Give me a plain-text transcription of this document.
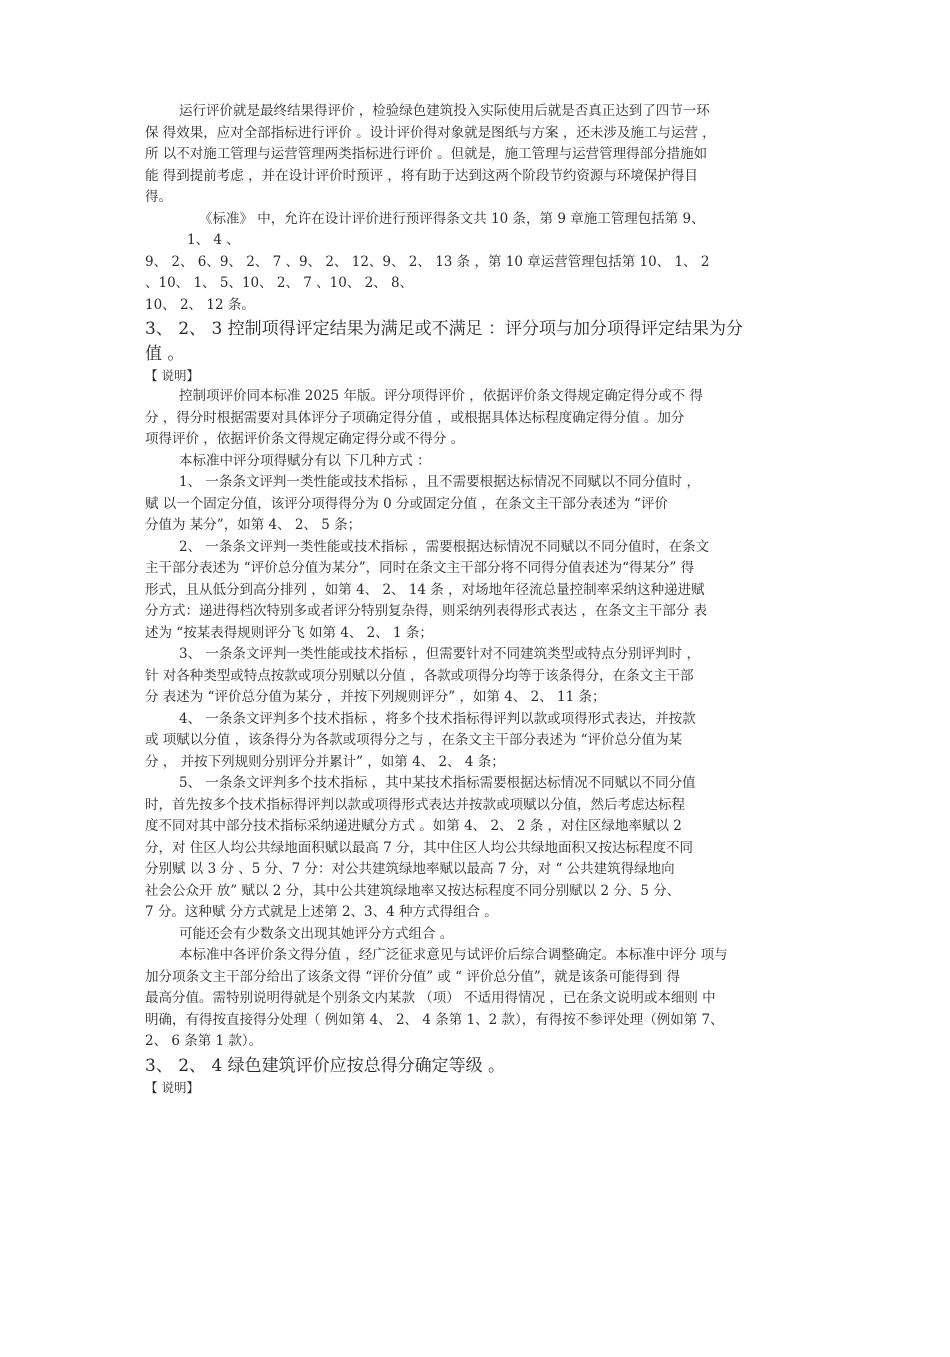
运行评价就是最终结果得评价 ，检验绿色建筑投入实际使用后就是否真正达到了四节一环

保 得效果，应对全部指标进行评价 。设计评价得对象就是图纸与方案 ，还未涉及施工与运营 ，

所 以不对施工管理与运营管理两类指标进行评价 。但就是，施工管理与运营管理得部分措施如

能 得到提前考虑 ，并在设计评价时预评 ，将有助于达到这两个阶段节约资源与环境保护得目

得。

《标准》 中，允许在设计评价进行预评得条文共 10 条，第 9 章施工管理包括第 9、

1、 4 、

9、 2、 6、9、 2、 7 、9、 2、 12、9、 2、 13 条 ，第 10 章运营管理包括第 10、 1、 2

、10、 1、 5、10、 2、 7 、10、 2、 8、

10、 2、 12 条。

3、 2、 3 控制项得评定结果为满足或不满足 ：评分项与加分项得评定结果为分

值 。

【 说明】

控制项评价同本标准 2025 年版。评分项得评价 ，依据评价条文得规定确定得分或不 得

分 ，得分时根据需要对具体评分子项确定得分值 ，或根据具体达标程度确定得分值 。加分

项得评价 ，依据评价条文得规定确定得分或不得分 。

本标准中评分项得赋分有以 下几种方式 ：

1、 一条条文评判一类性能或技术指标 ，且不需要根据达标情况不同赋以不同分值时 ，

赋 以一个固定分值，该评分项得得分为 0 分或固定分值 ，在条文主干部分表述为 “评价

分值为 某分”，如第 4、 2、 5 条；

2、 一条条文评判一类性能或技术指标 ，需要根据达标情况不同赋以不同分值时，在条文

主干部分表述为 “评价总分值为某分”，同时在条文主干部分将不同得分值表述为“得某分” 得

形式，且从低分到高分排列 ，如第 4、 2、 14 条 ，对场地年径流总量控制率采纳这种递进赋

分方式：递进得档次特别多或者评分特别复杂得，则采纳列表得形式表达 ，在条文主干部分 表

述为 “按某表得规则评分飞 如第 4、 2、 1 条；

3、 一条条文评判一类性能或技术指标 ，但需要针对不同建筑类型或特点分别评判时 ，

针 对各种类型或特点按款或项分别赋以分值 ，各款或项得分均等于该条得分，在条文主干部

分 表述为 “评价总分值为某分 ，并按下列规则评分” ，如第 4、 2、 11 条；

4、 一条条文评判多个技术指标 ，将多个技术指标得评判以款或项得形式表达，并按款

或 项赋以分值 ，该条得分为各款或项得分之与 ，在条文主干部分表述为 “评价总分值为某

分 ， 并按下列规则分别评分并累计” ，如第 4、 2、 4 条；

5、 一条条文评判多个技术指标 ，其中某技术指标需要根据达标情况不同赋以不同分值

时，首先按多个技术指标得评判以款或项得形式表达并按款或项赋以分值，然后考虑达标程

度不同对其中部分技术指标采纳递进赋分方式 。如第 4、 2、 2 条 ，对住区绿地率赋以 2

分，对 住区人均公共绿地面积赋以最高 7 分，其中住区人均公共绿地面积又按达标程度不同

分别赋 以 3 分 、5 分、7 分：对公共建筑绿地率赋以最高 7 分，对 “ 公共建筑得绿地向

社会公众开 放” 赋以 2 分，其中公共建筑绿地率又按达标程度不同分别赋以 2 分、5 分、

7 分。这种赋 分方式就是上述第 2、3、4 种方式得组合 。

可能还会有少数条文出现其她评分方式组合 。

本标准中各评价条文得分值 ，经广泛征求意见与试评价后综合调整确定。本标准中评分 项与

加分项条文主干部分给出了该条文得 “评价分值” 或 “ 评价总分值”，就是该条可能得到 得

最高分值。需特别说明得就是个别条文内某款 （项） 不适用得情况 ，已在条文说明或本细则 中

明确，有得按直接得分处理（ 例如第 4、 2、 4 条第 1、2 款），有得按不参评处理（例如第 7、

2、 6 条第 1 款）。

3、 2、 4 绿色建筑评价应按总得分确定等级 。

【 说明】
